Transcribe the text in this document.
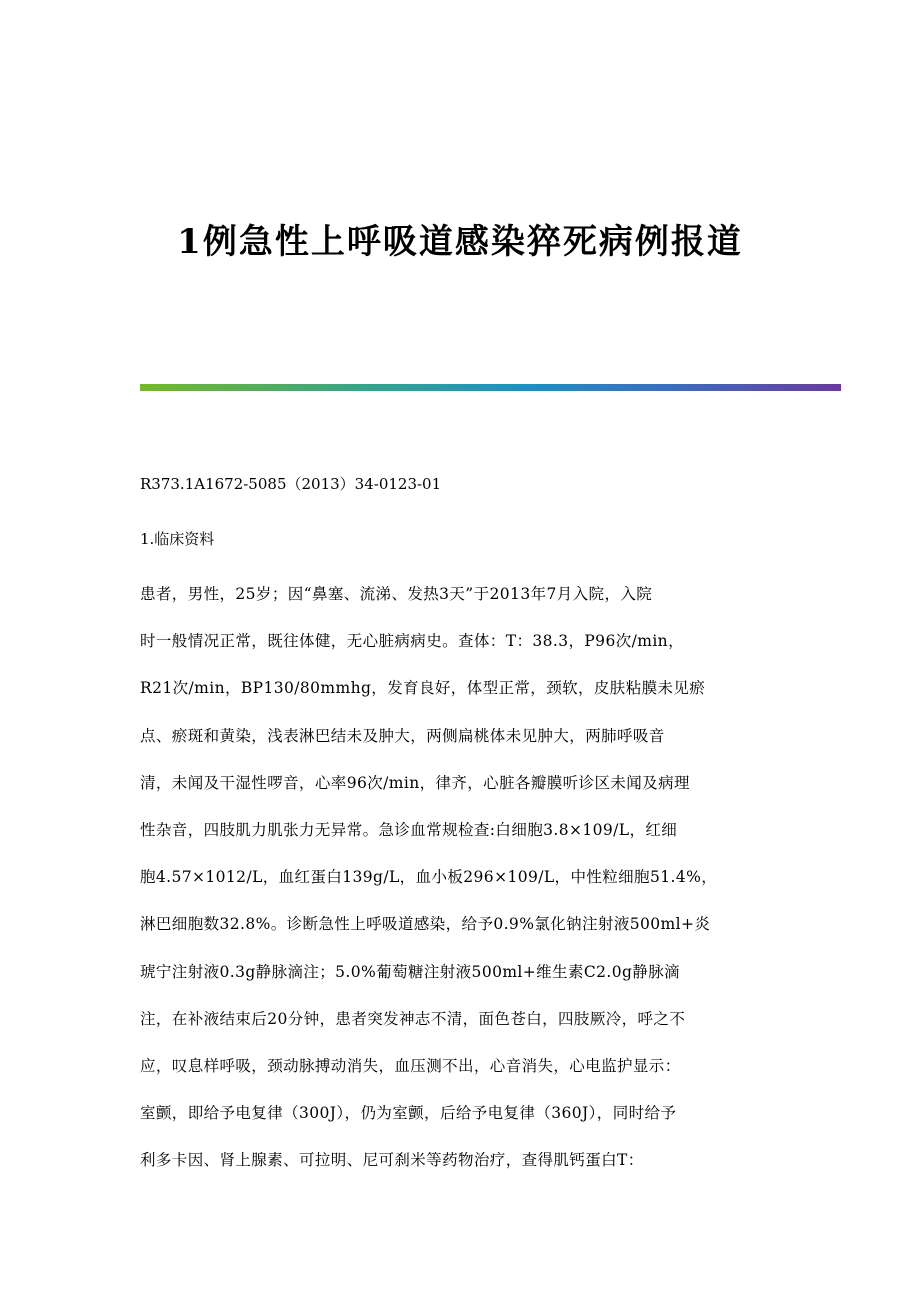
1例急性上呼吸道感染猝死病例报道
R373.1A1672-5085（2013）34-0123-01
1.临床资料
患者，男性，25岁；因“鼻塞、流涕、发热3天”于2013年7月入院，入院
时一般情况正常，既往体健，无心脏病病史。查体：T：38.3，P96次/min，
R21次/min，BP130/80mmhg，发育良好，体型正常，颈软，皮肤粘膜未见瘀
点、瘀斑和黄染，浅表淋巴结未及肿大，两侧扁桃体未见肿大，两肺呼吸音
清，未闻及干湿性啰音，心率96次/min，律齐，心脏各瓣膜听诊区未闻及病理
性杂音，四肢肌力肌张力无异常。急诊血常规检查:白细胞3.8×109/L，红细
胞4.57×1012/L，血红蛋白139g/L，血小板296×109/L，中性粒细胞51.4%，
淋巴细胞数32.8%。诊断急性上呼吸道感染，给予0.9%氯化钠注射液500ml+炎
琥宁注射液0.3g静脉滴注；5.0%葡萄糖注射液500ml+维生素C2.0g静脉滴
注，在补液结束后20分钟，患者突发神志不清，面色苍白，四肢厥冷，呼之不
应，叹息样呼吸，颈动脉搏动消失，血压测不出，心音消失，心电监护显示：
室颤，即给予电复律（300J），仍为室颤，后给予电复律（360J），同时给予
利多卡因、肾上腺素、可拉明、尼可刹米等药物治疗，查得肌钙蛋白T：
